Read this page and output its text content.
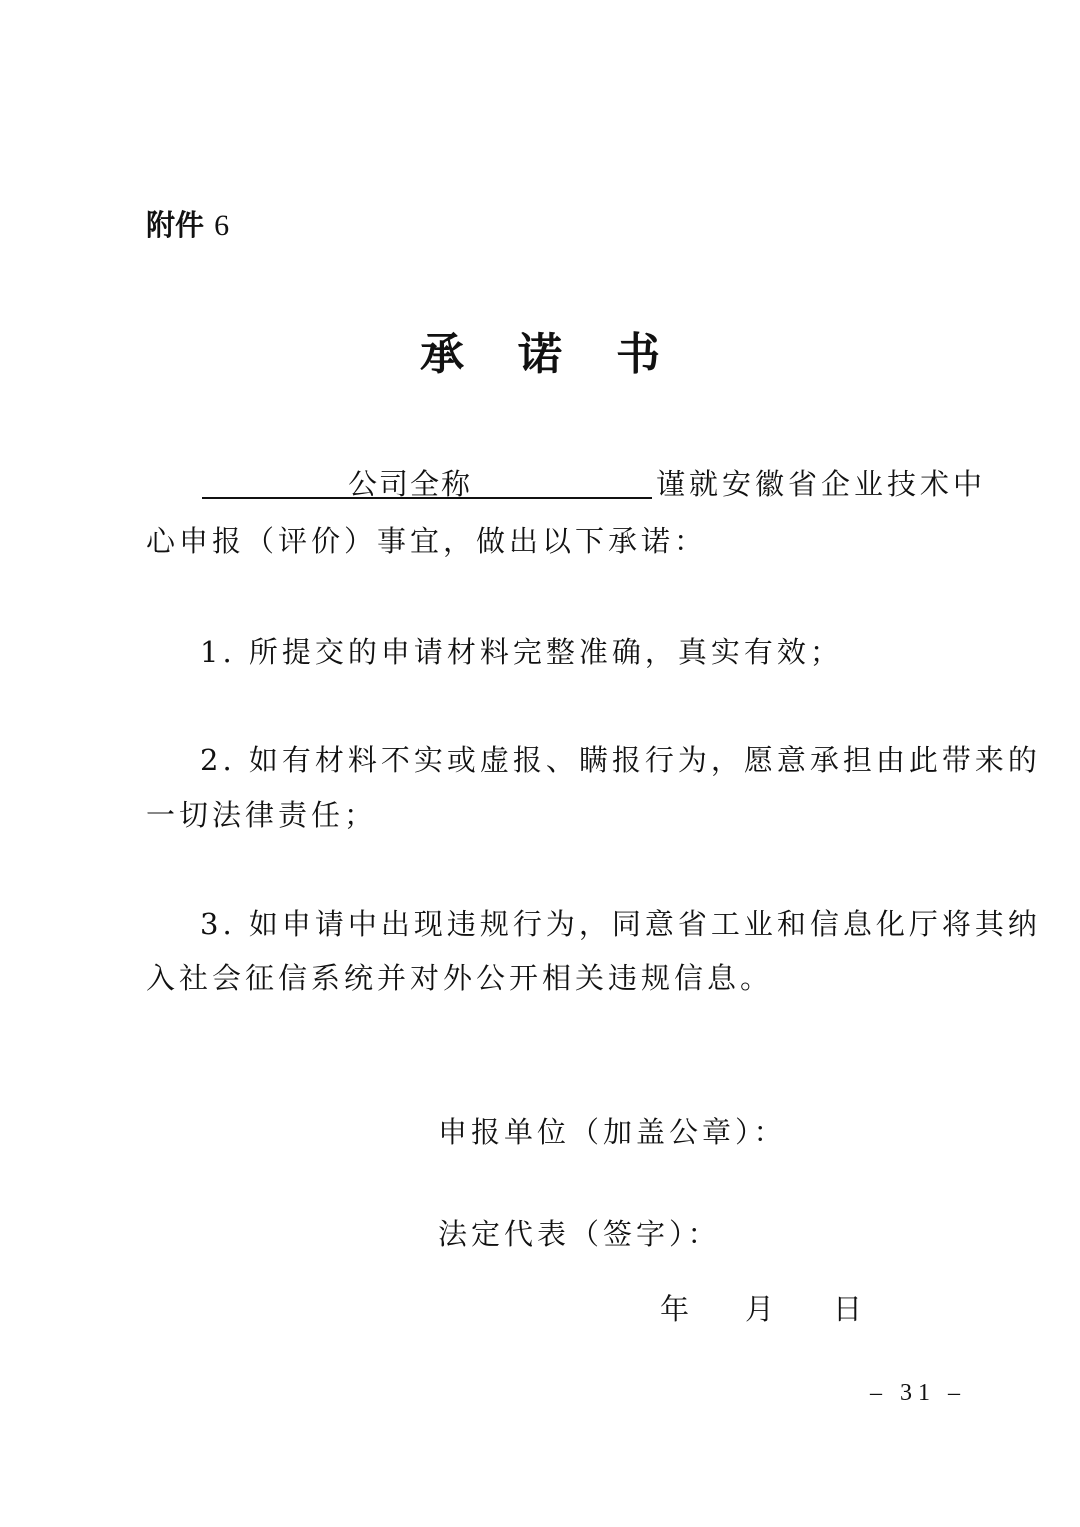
附件 6
承 诺 书
公司全称	谨就安徽省企业技术中
心申报（评价）事宜，做出以下承诺：
1. 所提交的申请材料完整准确，真实有效；
2. 如有材料不实或虚报、瞒报行为，愿意承担由此带来的
一切法律责任；
3. 如申请中出现违规行为，同意省工业和信息化厅将其纳
入社会征信系统并对外公开相关违规信息。
申报单位（加盖公章）：
法定代表（签字）：
年 月 日
– 31 –
